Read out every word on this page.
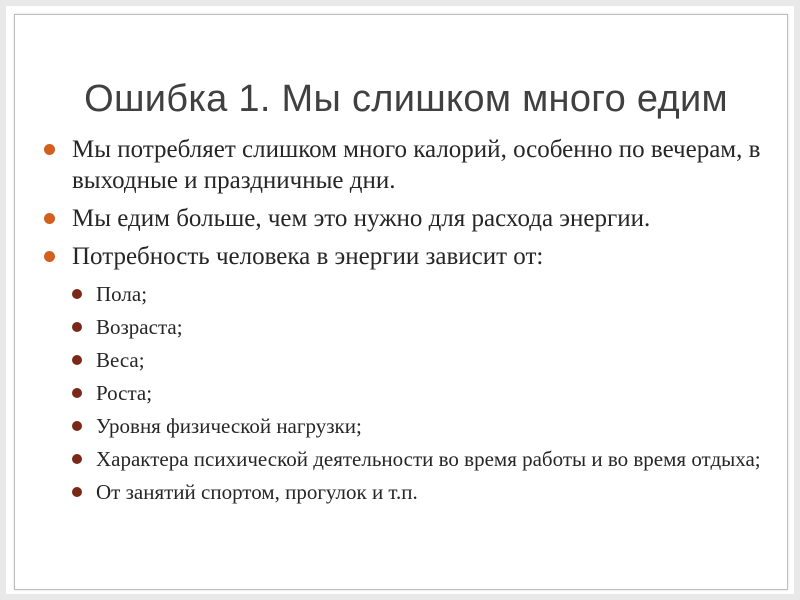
Ошибка 1. Мы слишком много едим
Мы потребляет слишком много калорий, особенно по вечерам, в выходные и праздничные дни.
Мы едим больше, чем это нужно для расхода энергии.
Потребность человека в энергии зависит от:
Пола;
Возраста;
Веса;
Роста;
Уровня физической нагрузки;
Характера психической деятельности во время работы и во время отдыха;
От занятий спортом, прогулок и т.п.
